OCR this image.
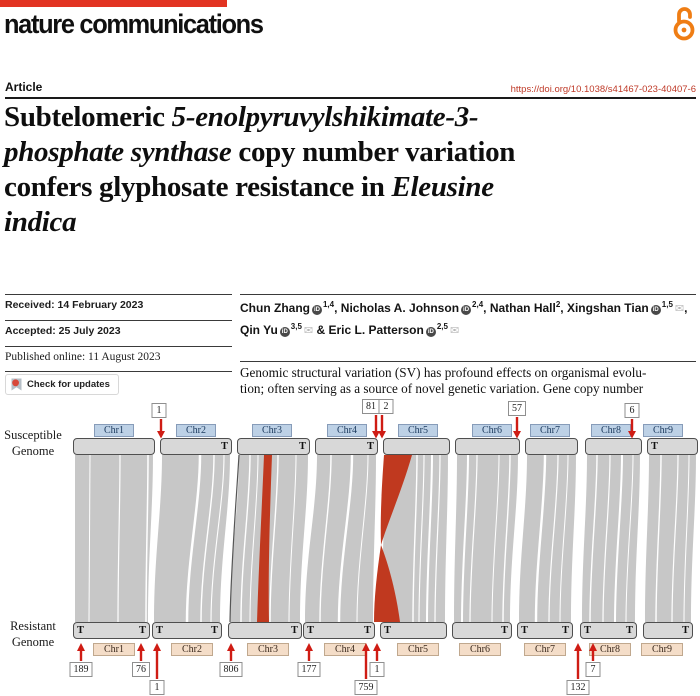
nature communications
Article	https://doi.org/10.1038/s41467-023-40407-6
Subtelomeric 5-enolpyruvylshikimate-3-
phosphate synthase copy number variation
confers glyphosate resistance in Eleusine
indica
Received: 14 February 2023
Accepted: 25 July 2023
Published online: 11 August 2023
Check for updates
Chun Zhang iD$^{1,4}$, Nicholas A. Johnson iD$^{2,4}$, Nathan Hall$^2$, Xingshan Tian iD$^{1,5}$ ✉, Qin Yu iD$^{3,5}$ ✉ & Eric L. Patterson iD$^{2,5}$ ✉
Genomic structural variation (SV) has profound effects on organismal evolu-
tion; often serving as a source of novel genetic variation. Gene copy number
Susceptible Genome
Resistant Genome
T	T	T	T
T	T T	T	T T	T T	T T	T T	T	T
Chr1	Chr2	Chr3	Chr4	Chr5	Chr6	Chr7	Chr8	Chr9
Chr1	Chr2	Chr3	Chr4	Chr5	Chr6	Chr7	Chr8	Chr9
1	81 2	57	6
189	76
1
806	177
759
1
132
7
